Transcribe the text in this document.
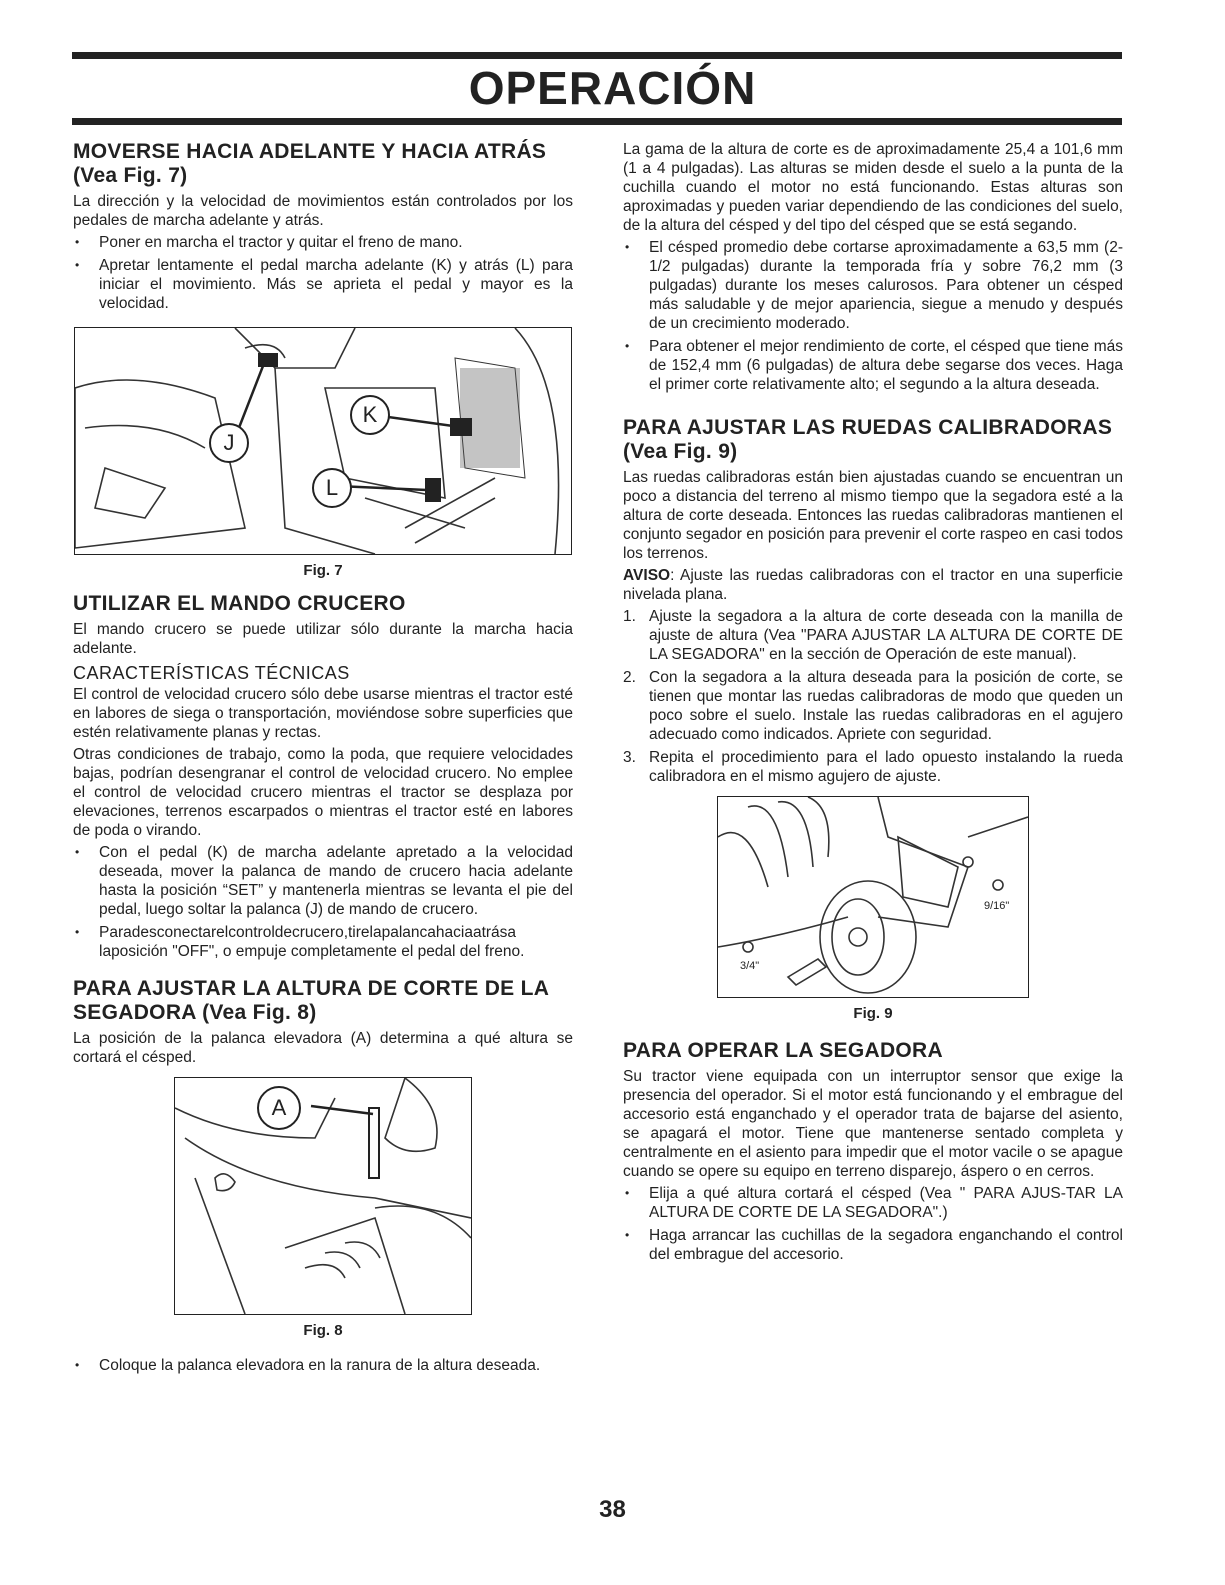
OPERACIÓN
MOVERSE HACIA ADELANTE Y HACIA ATRÁS
(Vea Fig. 7)

La dirección y la velocidad de movimientos están controlados por los pedales de marcha adelante y atrás.

• Poner en marcha el tractor y quitar el freno de mano.
• Apretar lentamente el pedal marcha adelante (K) y atrás (L) para iniciar el movimiento. Más se aprieta el pedal y mayor es la velocidad.
J
K
L
Fig. 7
UTILIZAR EL MANDO CRUCERO

El mando crucero se puede utilizar sólo durante la marcha hacia adelante.

CARACTERÍSTICAS TÉCNICAS

El control de velocidad crucero sólo debe usarse mientras el tractor esté en labores de siega o transportación, moviéndose sobre superficies que estén relativamente planas y rectas.

Otras condiciones de trabajo, como la poda, que requiere velocidades bajas, podrían desengranar el control de velocidad crucero. No emplee el control de velocidad crucero mientras el tractor se desplaza por elevaciones, terrenos escarpados o mientras el tractor esté en labores de poda o virando.

• Con el pedal (K) de marcha adelante apretado a la velocidad deseada, mover la palanca de mando de crucero hacia adelante hasta la posición “SET” y mantenerla mientras se levanta el pie del pedal, luego soltar la palanca (J) de mando de crucero.
• Paradesconectarelcontroldecrucero,tirelapalancahaciaatrása laposición "OFF", o empuje completamente el pedal del freno.
PARA AJUSTAR LA ALTURA DE CORTE DE LA SEGADORA (Vea Fig. 8)

La posición de la palanca elevadora (A) determina a qué altura se cortará el césped.

A
Fig. 8
• Coloque la palanca elevadora en la ranura de la altura deseada.

La gama de la altura de corte es de aproximadamente 25,4 a 101,6 mm (1 a 4 pulgadas). Las alturas se miden desde el suelo a la punta de la cuchilla cuando el motor no está funcionando. Estas alturas son aproximadas y pueden variar dependiendo de las condiciones del suelo, de la altura del césped y del tipo del césped que se está segando.

• El césped promedio debe cortarse aproximadamente a 63,5 mm (2-1/2 pulgadas) durante la temporada fría y sobre 76,2 mm (3 pulgadas) durante los meses calurosos. Para obtener un césped más saludable y de mejor apariencia, siegue a menudo y después de un crecimiento moderado.
• Para obtener el mejor rendimiento de corte, el césped que tiene más de 152,4 mm (6 pulgadas) de altura debe segarse dos veces. Haga el primer corte relativamente alto; el segundo a la altura deseada.
PARA AJUSTAR LAS RUEDAS CALIBRADORAS
(Vea Fig. 9)

Las ruedas calibradoras están bien ajustadas cuando se encuentran un poco a distancia del terreno al mismo tiempo que la segadora esté a la altura de corte deseada. Entonces las ruedas calibradoras mantienen el conjunto segador en posición para prevenir el corte raspeo en casi todos los terrenos.

AVISO: Ajuste las ruedas calibradoras con el tractor en una superficie nivelada plana.

1. Ajuste la segadora a la altura de corte deseada con la manilla de ajuste de altura (Vea "PARA AJUSTAR LA ALTURA DE CORTE DE LA SEGADORA" en la sección de Operación de este manual).
2. Con la segadora a la altura deseada para la posición de corte, se tienen que montar las ruedas calibradoras de modo que queden un poco sobre el suelo. Instale las ruedas calibradoras en el agujero adecuado como indicados. Apriete con seguridad.
3. Repita el procedimiento para el lado opuesto instalando la rueda calibradora en el mismo agujero de ajuste.
9/16"
3/4"
Fig. 9
PARA OPERAR LA SEGADORA

Su tractor viene equipada con un interruptor sensor que exige la presencia del operador. Si el motor está funcionando y el embrague del accesorio está enganchado y el operador trata de bajarse del asiento, se apagará el motor. Tiene que mantenerse sentado completa y centralmente en el asiento para impedir que el motor vacile o se apague cuando se opere su equipo en terreno disparejo, áspero o en cerros.

• Elija a qué altura cortará el césped (Vea " PARA AJUS-TAR LA ALTURA DE CORTE DE LA SEGADORA".)
• Haga arrancar las cuchillas de la segadora enganchando el control del embrague del accesorio.
38
